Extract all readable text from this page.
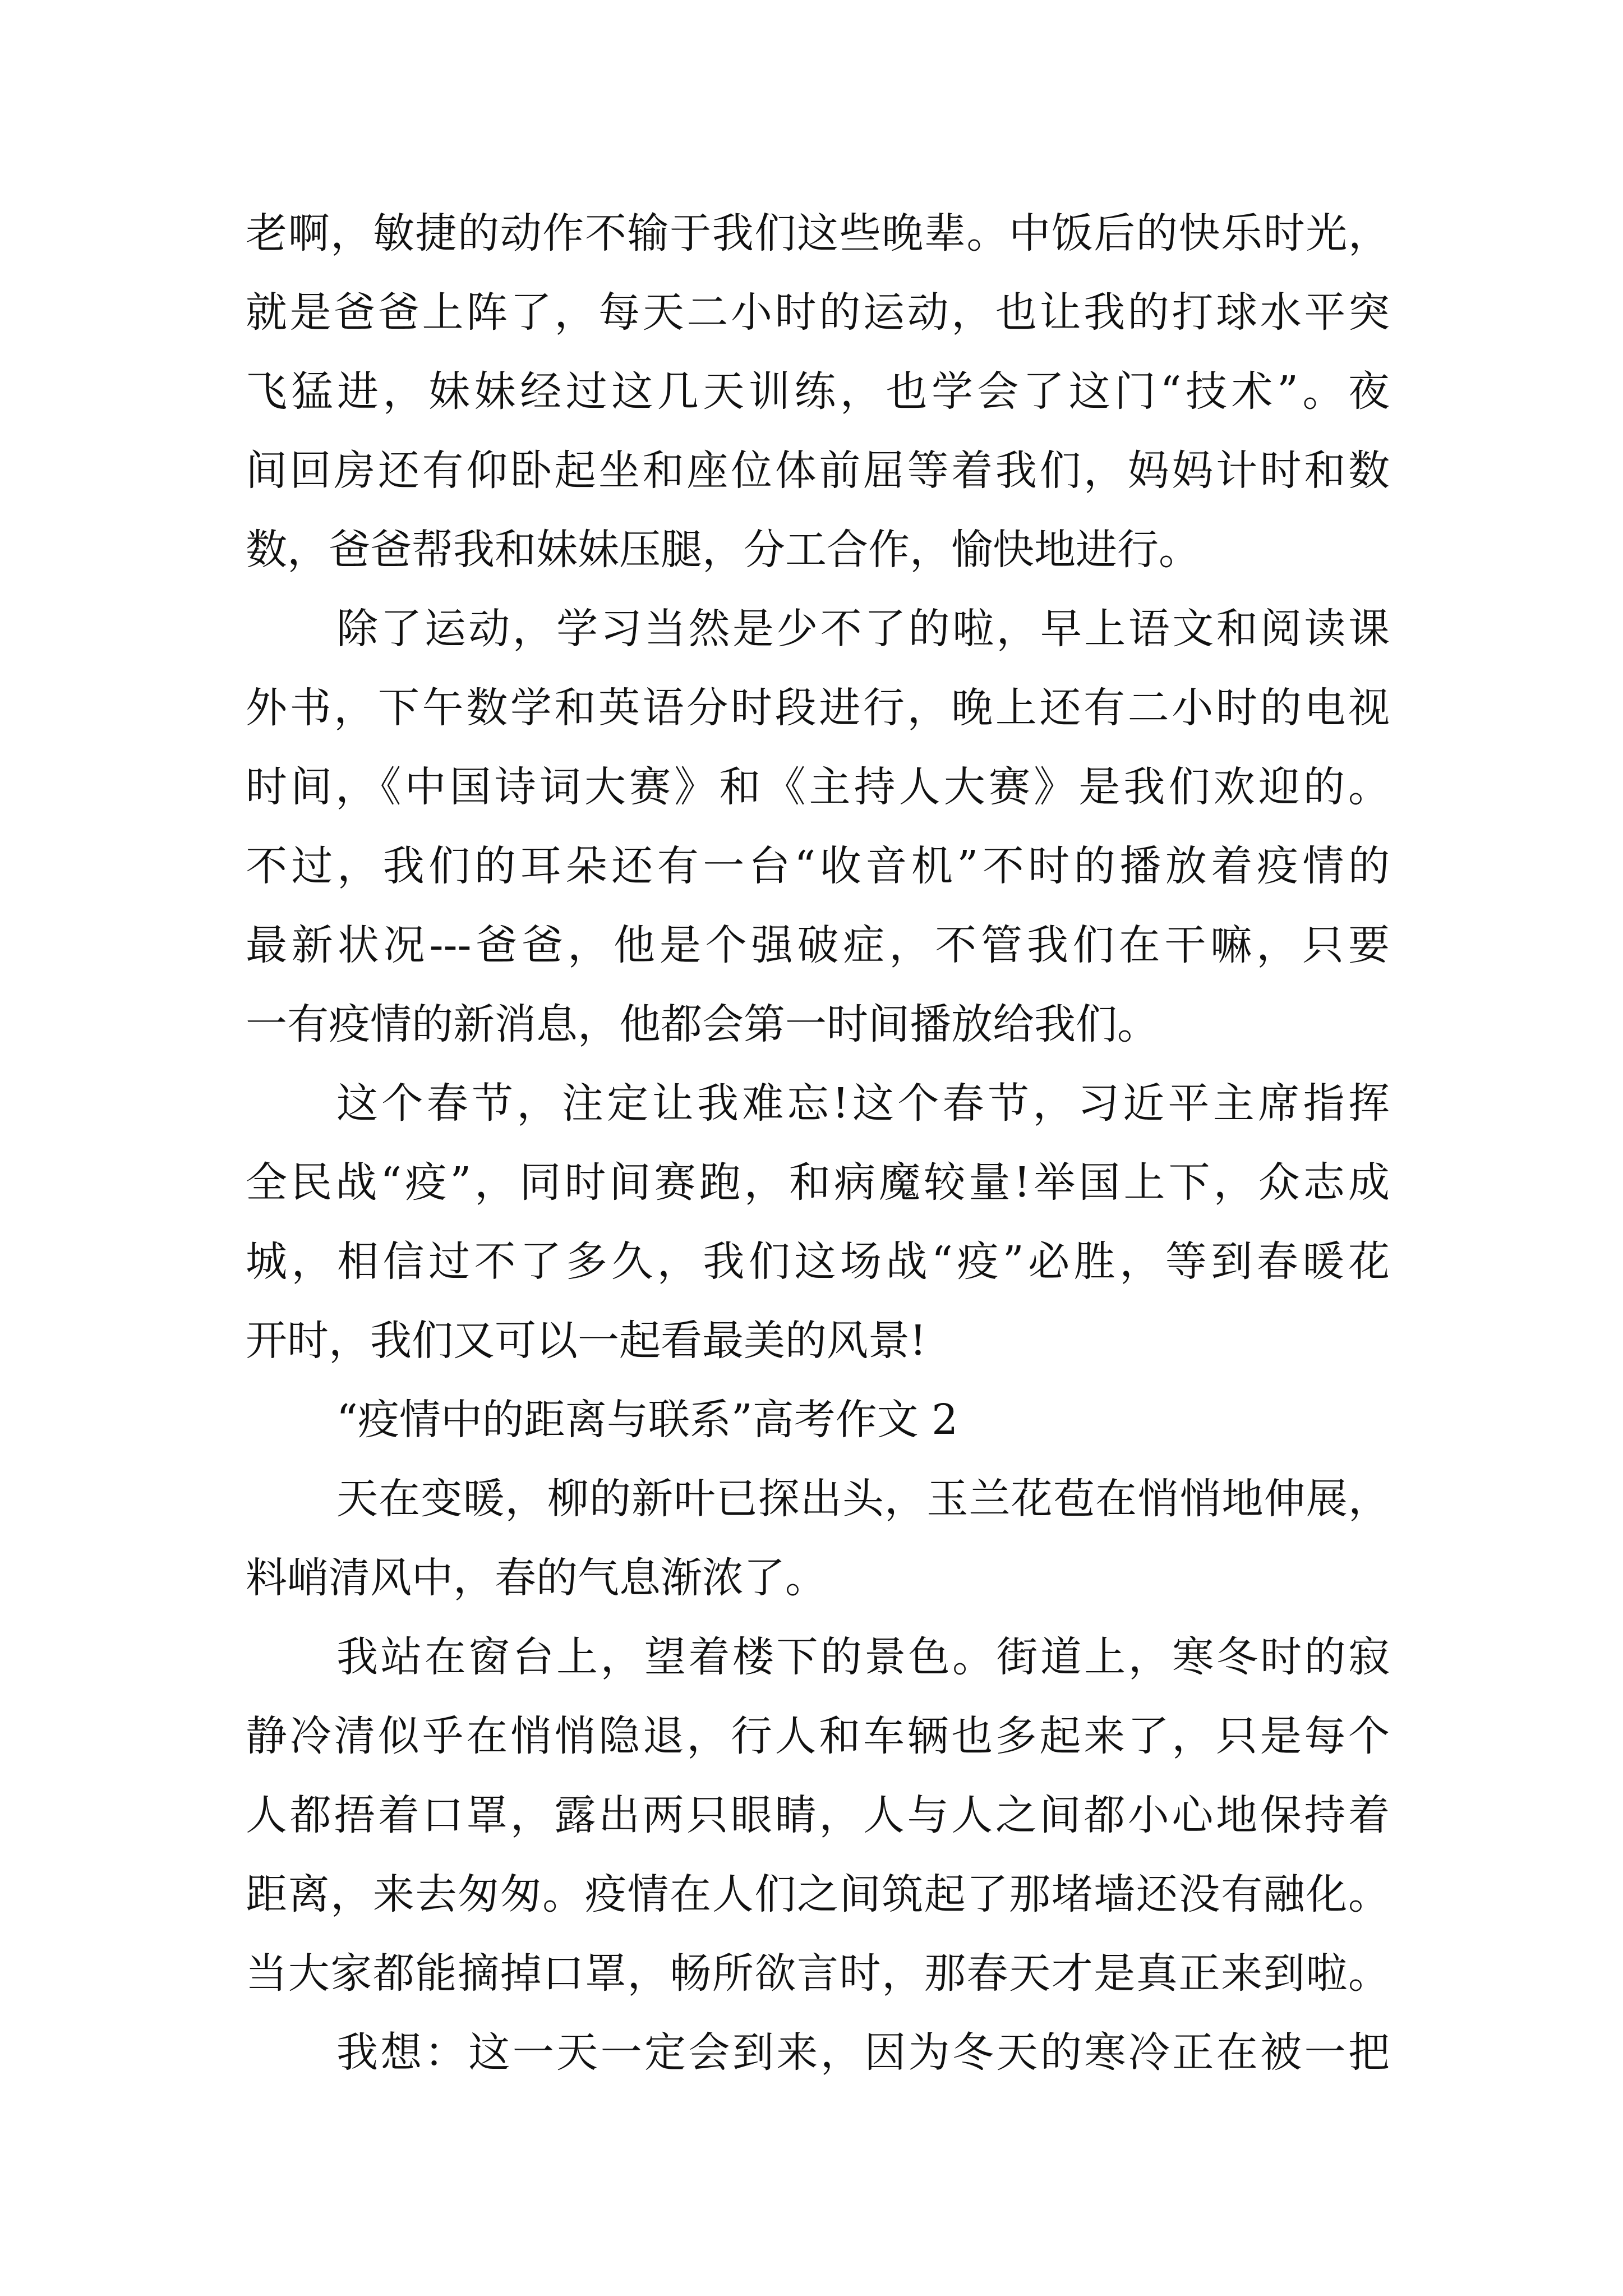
老啊，敏捷的动作不输于我们这些晚辈。中饭后的快乐时光，
就是爸爸上阵了，每天二小时的运动，也让我的打球水平突
飞猛进，妹妹经过这几天训练，也学会了这门“技术”。夜
间回房还有仰卧起坐和座位体前屈等着我们，妈妈计时和数
数，爸爸帮我和妹妹压腿，分工合作，愉快地进行。
除了运动，学习当然是少不了的啦，早上语文和阅读课
外书，下午数学和英语分时段进行，晚上还有二小时的电视
时间，《中国诗词大赛》和《主持人大赛》是我们欢迎的。
不过，我们的耳朵还有一台“收音机”不时的播放着疫情的
最新状况---爸爸，他是个强破症，不管我们在干嘛，只要
一有疫情的新消息，他都会第一时间播放给我们。
这个春节，注定让我难忘!这个春节，习近平主席指挥
全民战“疫”，同时间赛跑，和病魔较量!举国上下，众志成
城，相信过不了多久，我们这场战“疫”必胜，等到春暖花
开时，我们又可以一起看最美的风景!
“疫情中的距离与联系”高考作文 2
天在变暖，柳的新叶已探出头，玉兰花苞在悄悄地伸展，
料峭清风中，春的气息渐浓了。
我站在窗台上，望着楼下的景色。街道上，寒冬时的寂
静冷清似乎在悄悄隐退，行人和车辆也多起来了，只是每个
人都捂着口罩，露出两只眼睛，人与人之间都小心地保持着
距离，来去匆匆。疫情在人们之间筑起了那堵墙还没有融化。
当大家都能摘掉口罩，畅所欲言时，那春天才是真正来到啦。
我想：这一天一定会到来，因为冬天的寒冷正在被一把
